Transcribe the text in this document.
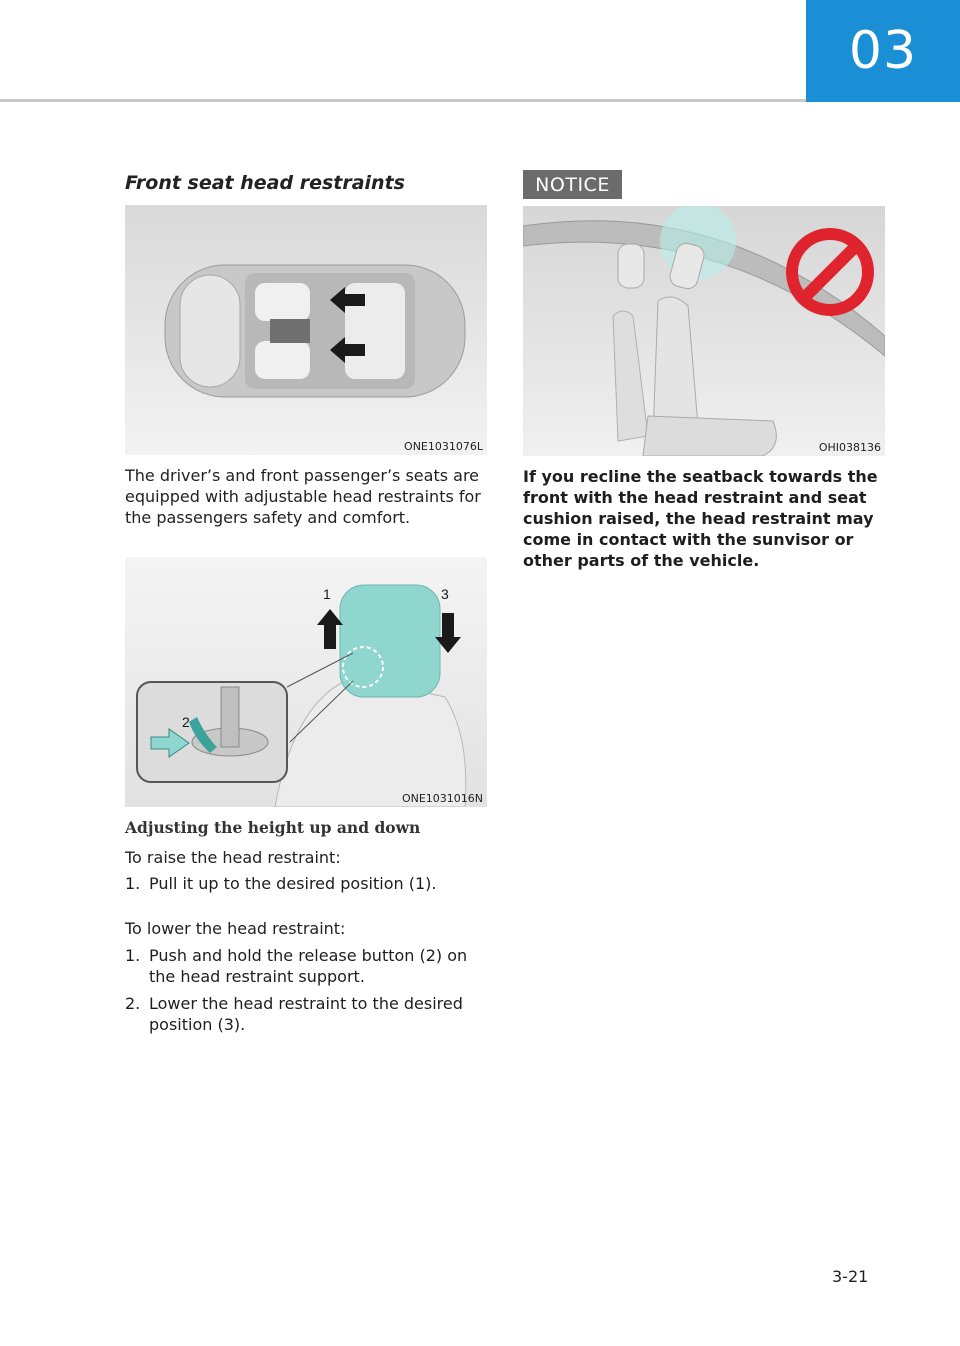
03
Front seat head restraints
ONE1031076L

The driver’s and front passenger’s seats are equipped with adjustable head restraints for the passengers safety and comfort.

1	3
2
ONE1031016N
Adjusting the height up and down

To raise the head restraint:

1. Pull it up to the desired position (1).

To lower the head restraint:

1. Push and hold the release button (2) on the head restraint support.
2. Lower the head restraint to the desired position (3).
NOTICE
OHI038136

If you recline the seatback towards the front with the head restraint and seat cushion raised, the head restraint may come in contact with the sunvisor or other parts of the vehicle.

3-21
